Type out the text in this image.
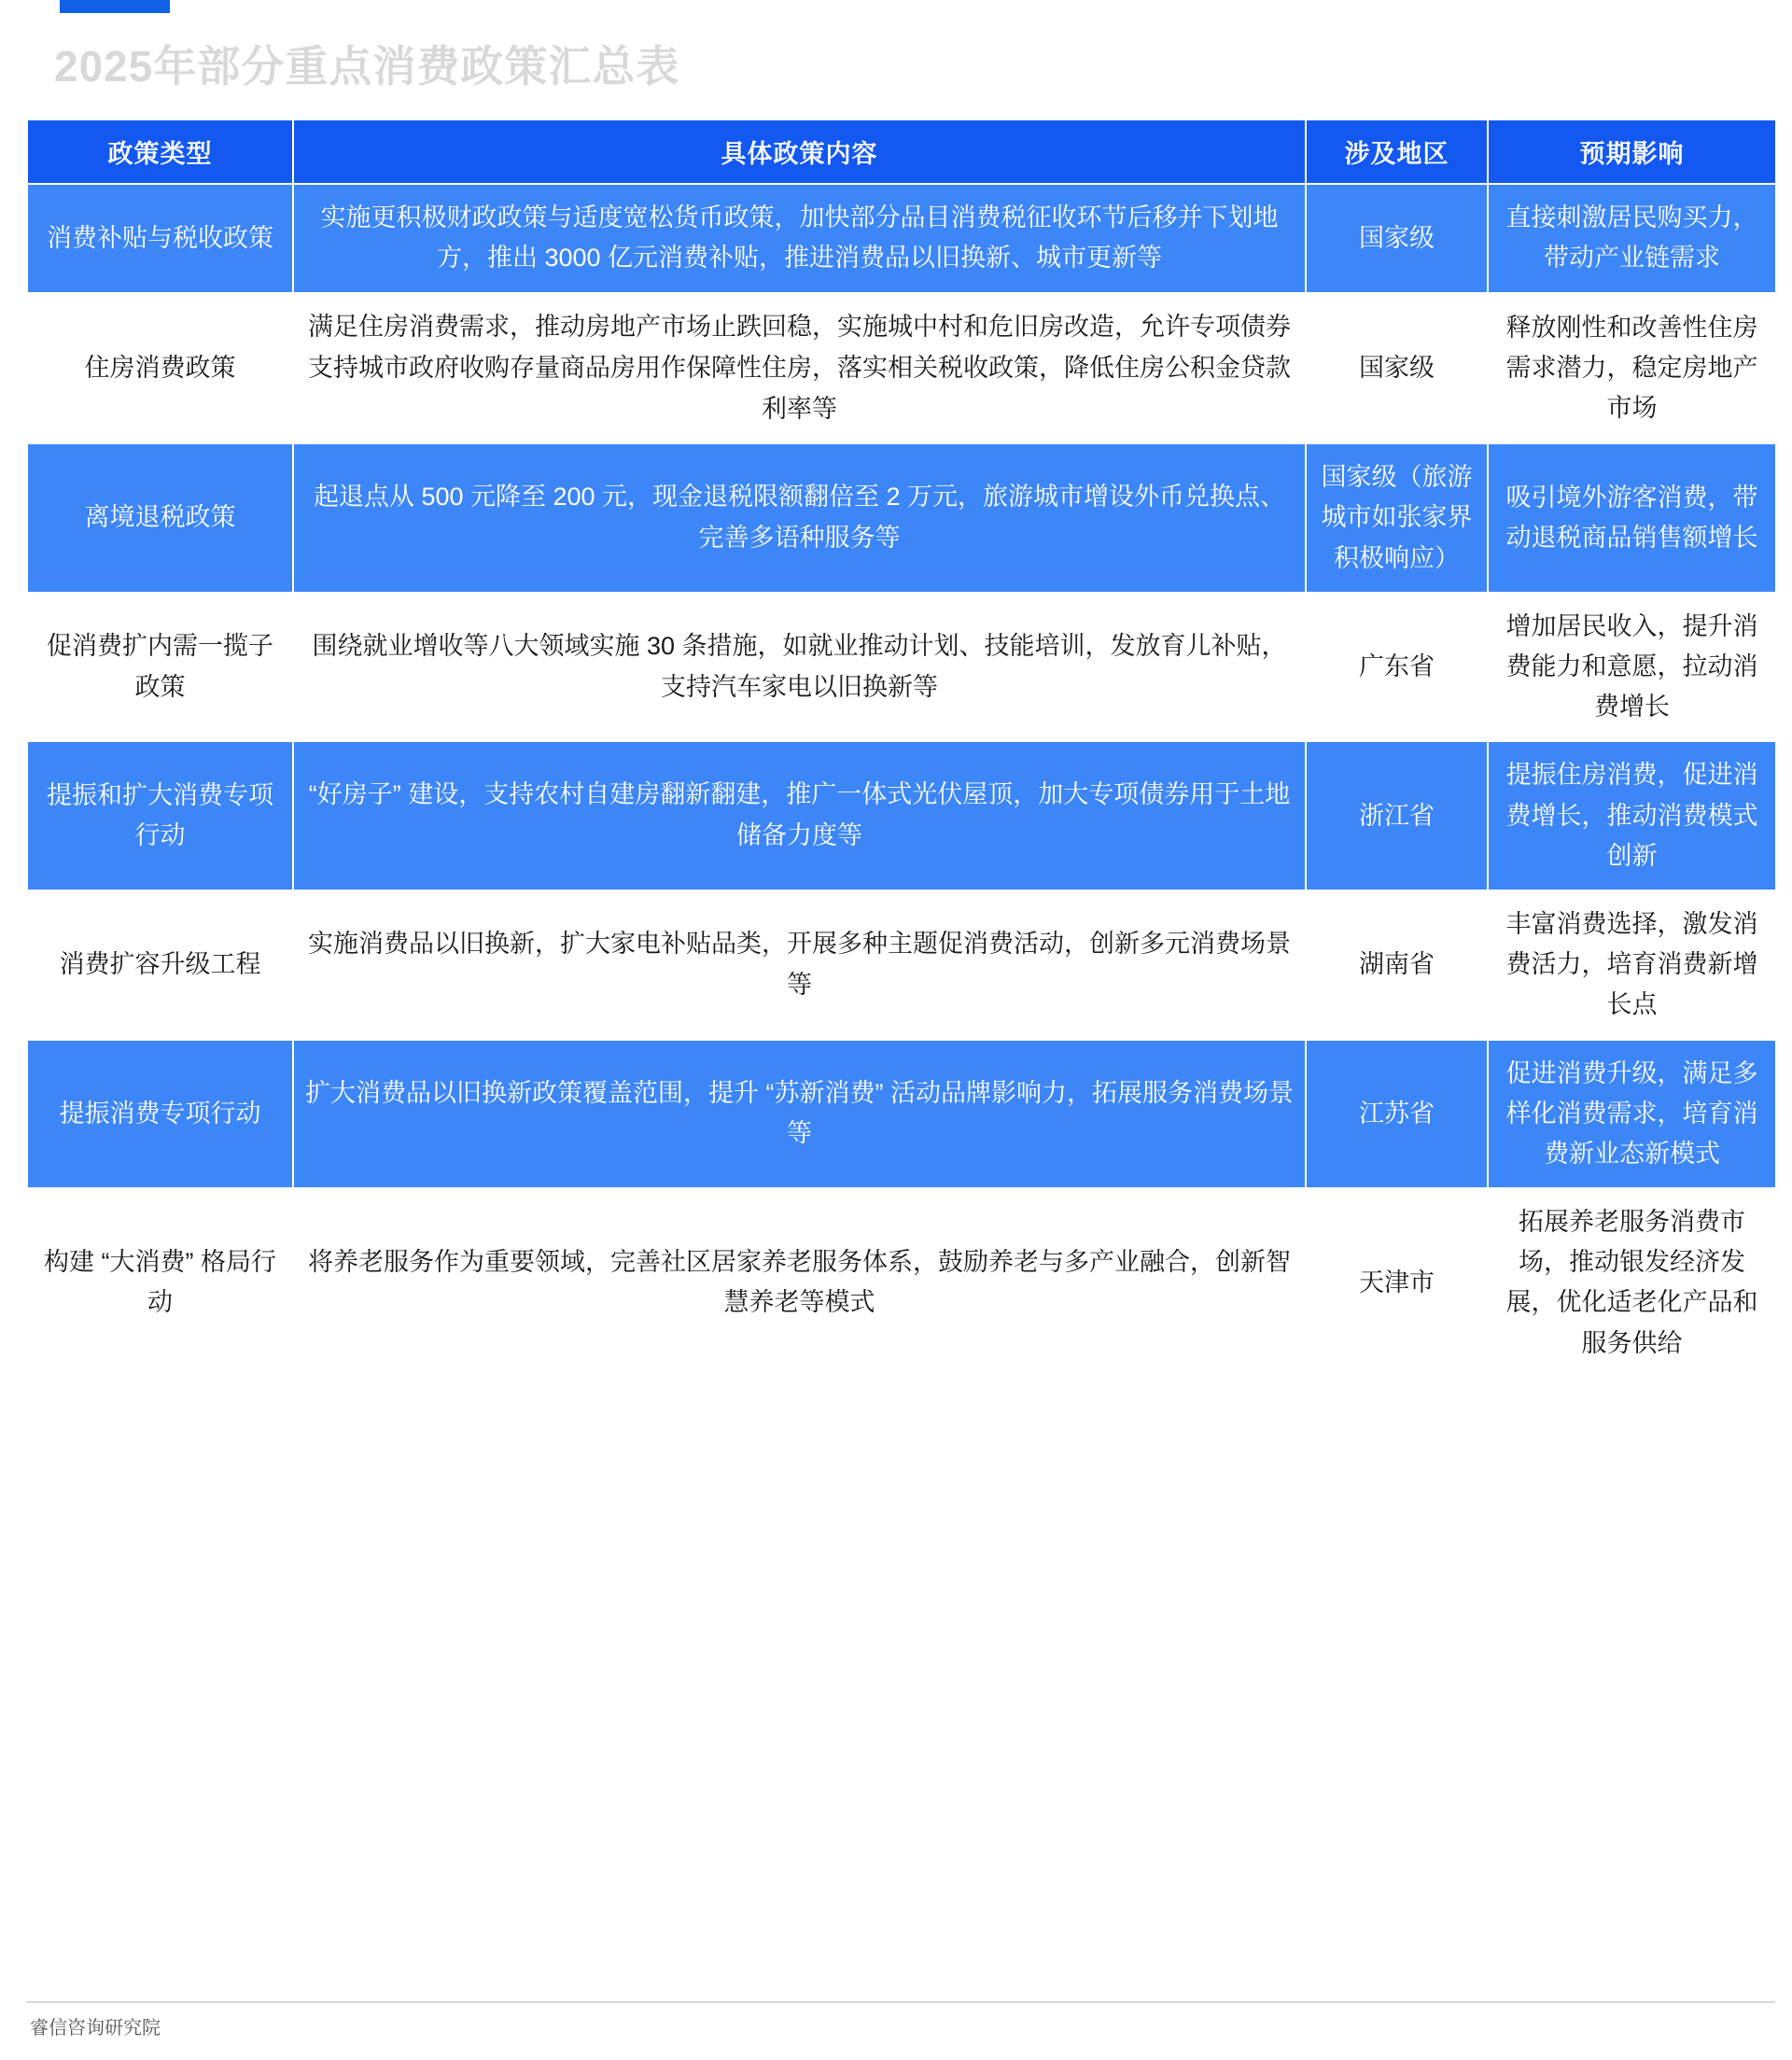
2025年部分重点消费政策汇总表
政策类型	具体政策内容	涉及地区	预期影响
消费补贴与税收政策	实施更积极财政政策与适度宽松货币政策，加快部分品目消费税征收环节后移并下划地方，推出 3000 亿元消费补贴，推进消费品以旧换新、城市更新等	国家级	直接刺激居民购买力，带动产业链需求
住房消费政策	满足住房消费需求，推动房地产市场止跌回稳，实施城中村和危旧房改造，允许专项债券支持城市政府收购存量商品房用作保障性住房，落实相关税收政策，降低住房公积金贷款利率等	国家级	释放刚性和改善性住房需求潜力，稳定房地产市场
离境退税政策	起退点从 500 元降至 200 元，现金退税限额翻倍至 2 万元，旅游城市增设外币兑换点、完善多语种服务等	国家级（旅游城市如张家界积极响应）	吸引境外游客消费，带动退税商品销售额增长
促消费扩内需一揽子政策	围绕就业增收等八大领域实施 30 条措施，如就业推动计划、技能培训，发放育儿补贴，支持汽车家电以旧换新等	广东省	增加居民收入，提升消费能力和意愿，拉动消费增长
提振和扩大消费专项行动	“好房子” 建设，支持农村自建房翻新翻建，推广一体式光伏屋顶，加大专项债券用于土地储备力度等	浙江省	提振住房消费，促进消费增长，推动消费模式创新
消费扩容升级工程	实施消费品以旧换新，扩大家电补贴品类，开展多种主题促消费活动，创新多元消费场景等	湖南省	丰富消费选择，激发消费活力，培育消费新增长点
提振消费专项行动	扩大消费品以旧换新政策覆盖范围，提升 “苏新消费” 活动品牌影响力，拓展服务消费场景等	江苏省	促进消费升级，满足多样化消费需求，培育消费新业态新模式
构建 “大消费” 格局行动	将养老服务作为重要领域，完善社区居家养老服务体系，鼓励养老与多产业融合，创新智慧养老等模式	天津市	拓展养老服务消费市场，推动银发经济发展，优化适老化产品和服务供给
睿信咨询研究院
